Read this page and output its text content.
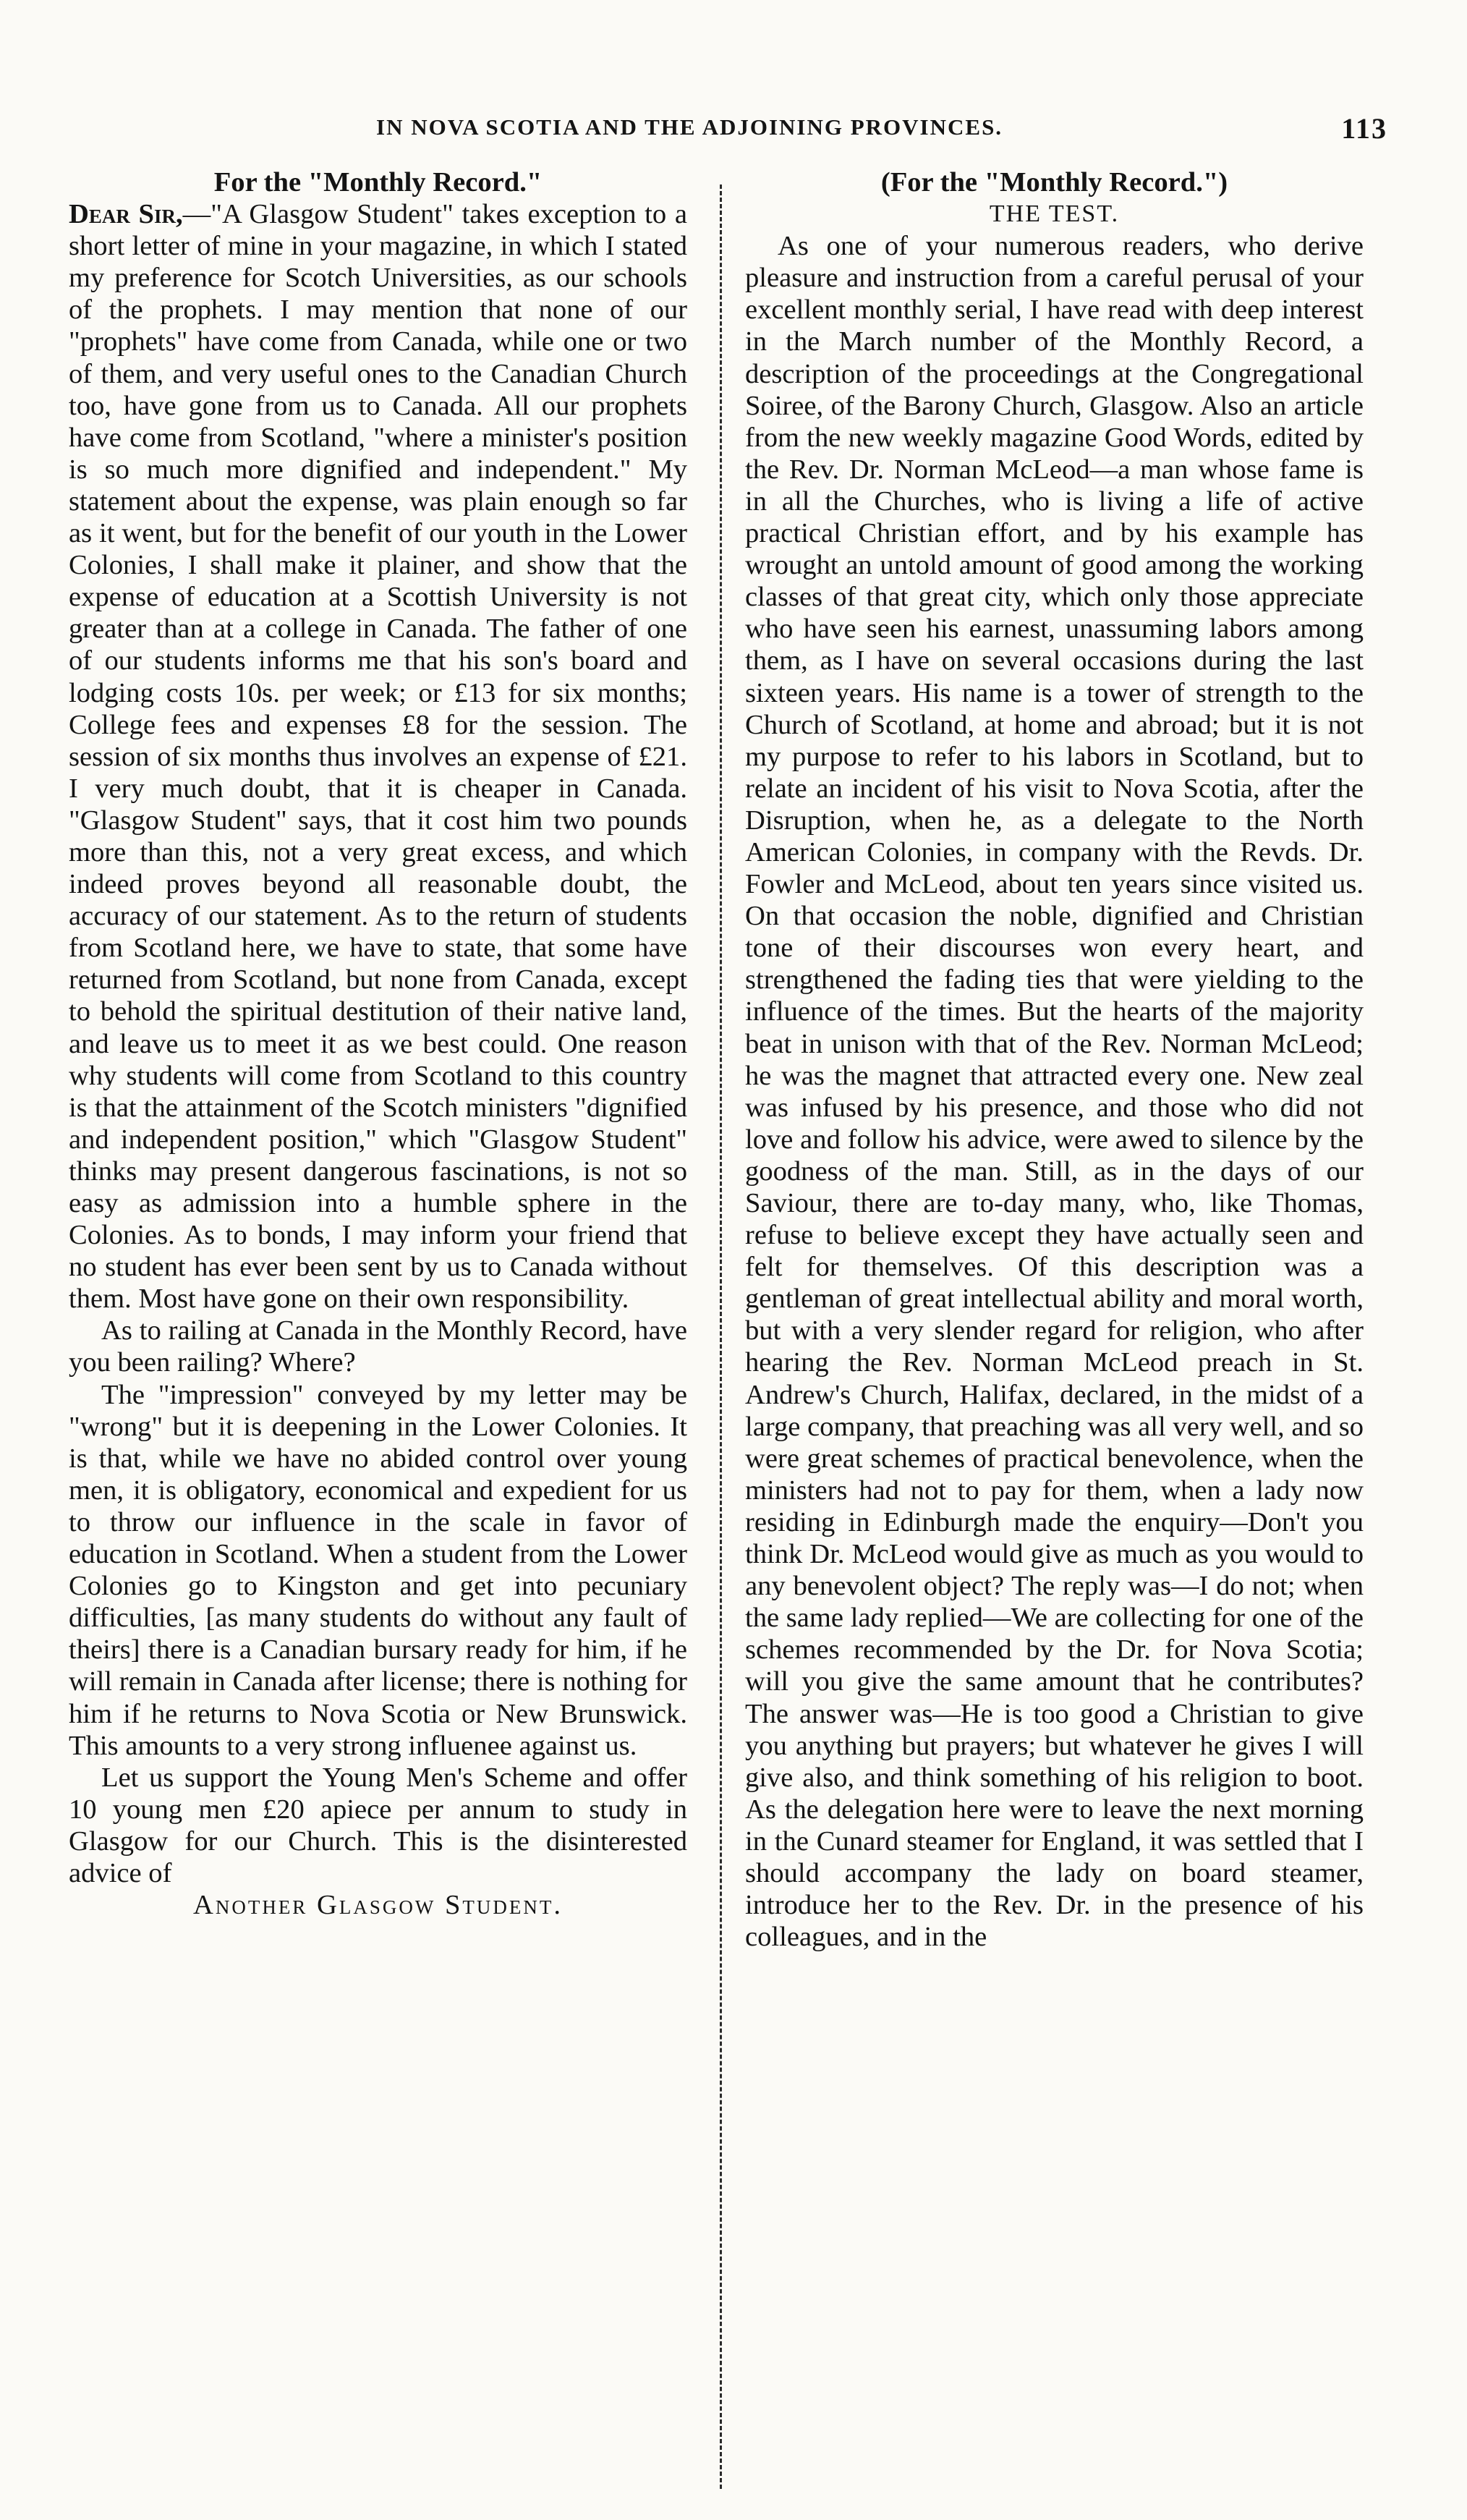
IN NOVA SCOTIA AND THE ADJOINING PROVINCES.	113
For the "Monthly Record."

Dear Sir,—"A Glasgow Student" takes exception to a short letter of mine in your magazine, in which I stated my preference for Scotch Universities, as our schools of the prophets. I may mention that none of our "prophets" have come from Canada, while one or two of them, and very useful ones to the Canadian Church too, have gone from us to Canada. All our prophets have come from Scotland, "where a minister's position is so much more dignified and independent." My statement about the expense, was plain enough so far as it went, but for the benefit of our youth in the Lower Colonies, I shall make it plainer, and show that the expense of education at a Scottish University is not greater than at a college in Canada. The father of one of our students informs me that his son's board and lodging costs 10s. per week; or £13 for six months; College fees and expenses £8 for the session. The session of six months thus involves an expense of £21. I very much doubt, that it is cheaper in Canada. "Glasgow Student" says, that it cost him two pounds more than this, not a very great excess, and which indeed proves beyond all reasonable doubt, the accuracy of our statement. As to the return of students from Scotland here, we have to state, that some have returned from Scotland, but none from Canada, except to behold the spiritual destitution of their native land, and leave us to meet it as we best could. One reason why students will come from Scotland to this country is that the attainment of the Scotch ministers "dignified and independent position," which "Glasgow Student" thinks may present dangerous fascinations, is not so easy as admission into a humble sphere in the Colonies. As to bonds, I may inform your friend that no student has ever been sent by us to Canada without them. Most have gone on their own responsibility.

As to railing at Canada in the Monthly Record, have you been railing? Where?

The "impression" conveyed by my letter may be "wrong" but it is deepening in the Lower Colonies. It is that, while we have no abided control over young men, it is obligatory, economical and expedient for us to throw our influence in the scale in favor of education in Scotland. When a student from the Lower Colonies go to Kingston and get into pecuniary difficulties, [as many students do without any fault of theirs] there is a Canadian bursary ready for him, if he will remain in Canada after license; there is nothing for him if he returns to Nova Scotia or New Brunswick. This amounts to a very strong influenee against us.

Let us support the Young Men's Scheme and offer 10 young men £20 apiece per annum to study in Glasgow for our Church. This is the disinterested advice of

Another Glasgow Student.
(For the "Monthly Record.")
THE TEST.

As one of your numerous readers, who derive pleasure and instruction from a careful perusal of your excellent monthly serial, I have read with deep interest in the March number of the Monthly Record, a description of the proceedings at the Congregational Soiree, of the Barony Church, Glasgow. Also an article from the new weekly magazine Good Words, edited by the Rev. Dr. Norman McLeod—a man whose fame is in all the Churches, who is living a life of active practical Christian effort, and by his example has wrought an untold amount of good among the working classes of that great city, which only those appreciate who have seen his earnest, unassuming labors among them, as I have on several occasions during the last sixteen years. His name is a tower of strength to the Church of Scotland, at home and abroad; but it is not my purpose to refer to his labors in Scotland, but to relate an incident of his visit to Nova Scotia, after the Disruption, when he, as a delegate to the North American Colonies, in company with the Revds. Dr. Fowler and McLeod, about ten years since visited us. On that occasion the noble, dignified and Christian tone of their discourses won every heart, and strengthened the fading ties that were yielding to the influence of the times. But the hearts of the majority beat in unison with that of the Rev. Norman McLeod; he was the magnet that attracted every one. New zeal was infused by his presence, and those who did not love and follow his advice, were awed to silence by the goodness of the man. Still, as in the days of our Saviour, there are to-day many, who, like Thomas, refuse to believe except they have actually seen and felt for themselves. Of this description was a gentleman of great intellectual ability and moral worth, but with a very slender regard for religion, who after hearing the Rev. Norman McLeod preach in St. Andrew's Church, Halifax, declared, in the midst of a large company, that preaching was all very well, and so were great schemes of practical benevolence, when the ministers had not to pay for them, when a lady now residing in Edinburgh made the enquiry—Don't you think Dr. McLeod would give as much as you would to any benevolent object? The reply was—I do not; when the same lady replied—We are collecting for one of the schemes recommended by the Dr. for Nova Scotia; will you give the same amount that he contributes? The answer was—He is too good a Christian to give you anything but prayers; but whatever he gives I will give also, and think something of his religion to boot. As the delegation here were to leave the next morning in the Cunard steamer for England, it was settled that I should accompany the lady on board steamer, introduce her to the Rev. Dr. in the presence of his colleagues, and in the
